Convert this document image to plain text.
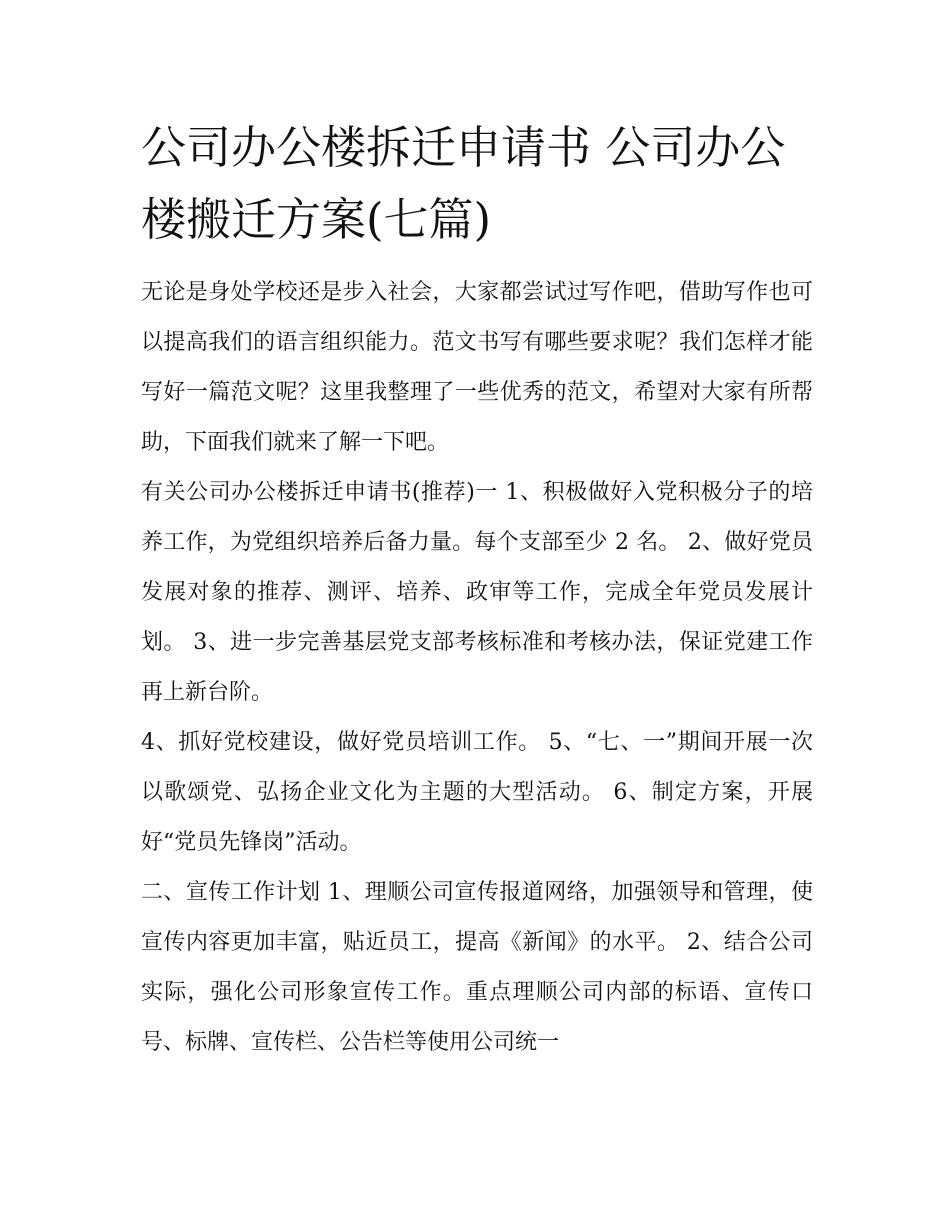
公司办公楼拆迁申请书 公司办公楼搬迁方案(七篇)

无论是身处学校还是步入社会，大家都尝试过写作吧，借助写作也可以提高我们的语言组织能力。范文书写有哪些要求呢？我们怎样才能写好一篇范文呢？这里我整理了一些优秀的范文，希望对大家有所帮助，下面我们就来了解一下吧。

有关公司办公楼拆迁申请书(推荐)一 1、积极做好入党积极分子的培养工作，为党组织培养后备力量。每个支部至少 2 名。 2、做好党员发展对象的推荐、测评、培养、政审等工作，完成全年党员发展计划。 3、进一步完善基层党支部考核标准和考核办法，保证党建工作再上新台阶。

4、抓好党校建设，做好党员培训工作。 5、“七、一”期间开展一次以歌颂党、弘扬企业文化为主题的大型活动。 6、制定方案，开展好“党员先锋岗”活动。

二、宣传工作计划 1、理顺公司宣传报道网络，加强领导和管理，使宣传内容更加丰富，贴近员工，提高《新闻》的水平。 2、结合公司实际，强化公司形象宣传工作。重点理顺公司内部的标语、宣传口号、标牌、宣传栏、公告栏等使用公司统一
